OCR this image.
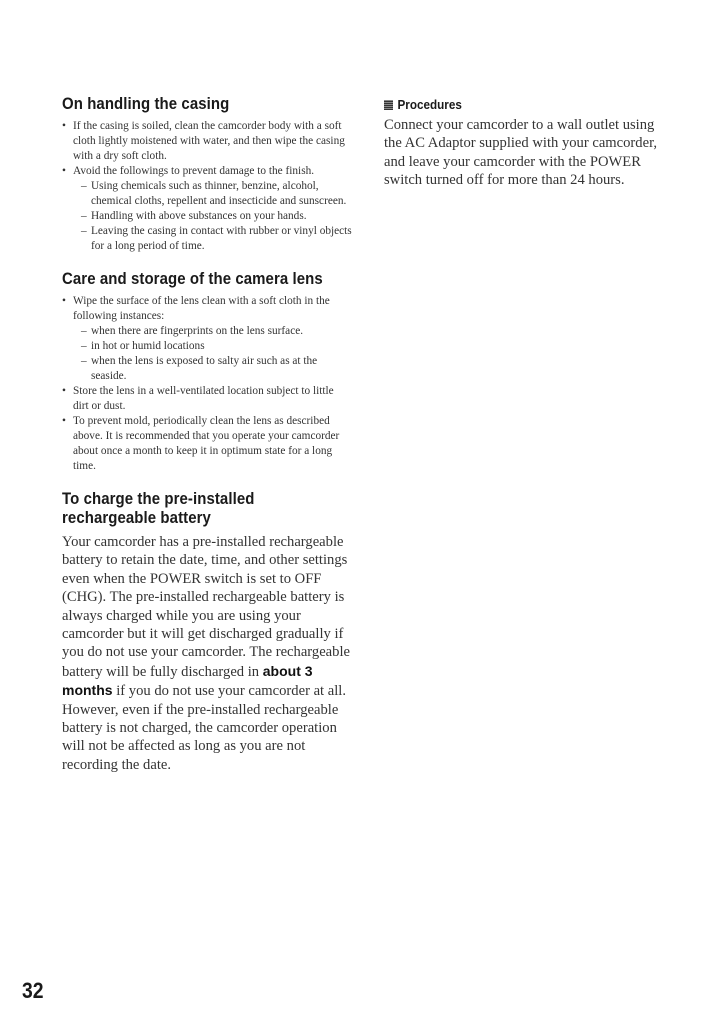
On handling the casing
• If the casing is soiled, clean the camcorder body with a soft cloth lightly moistened with water, and then wipe the casing with a dry soft cloth.
• Avoid the followings to prevent damage to the finish.
– Using chemicals such as thinner, benzine, alcohol, chemical cloths, repellent and insecticide and sunscreen.
– Handling with above substances on your hands.
– Leaving the casing in contact with rubber or vinyl objects for a long period of time.
Care and storage of the camera lens
• Wipe the surface of the lens clean with a soft cloth in the following instances:
– when there are fingerprints on the lens surface.
– in hot or humid locations
– when the lens is exposed to salty air such as at the seaside.
• Store the lens in a well-ventilated location subject to little dirt or dust.
• To prevent mold, periodically clean the lens as described above. It is recommended that you operate your camcorder about once a month to keep it in optimum state for a long time.
To charge the pre-installed rechargeable battery

Your camcorder has a pre-installed rechargeable battery to retain the date, time, and other settings even when the POWER switch is set to OFF (CHG). The pre-installed rechargeable battery is always charged while you are using your camcorder but it will get discharged gradually if you do not use your camcorder. The rechargeable battery will be fully discharged in about 3 months if you do not use your camcorder at all. However, even if the pre-installed rechargeable battery is not charged, the camcorder operation will not be affected as long as you are not recording the date.

Procedures

Connect your camcorder to a wall outlet using the AC Adaptor supplied with your camcorder, and leave your camcorder with the POWER switch turned off for more than 24 hours.

32
